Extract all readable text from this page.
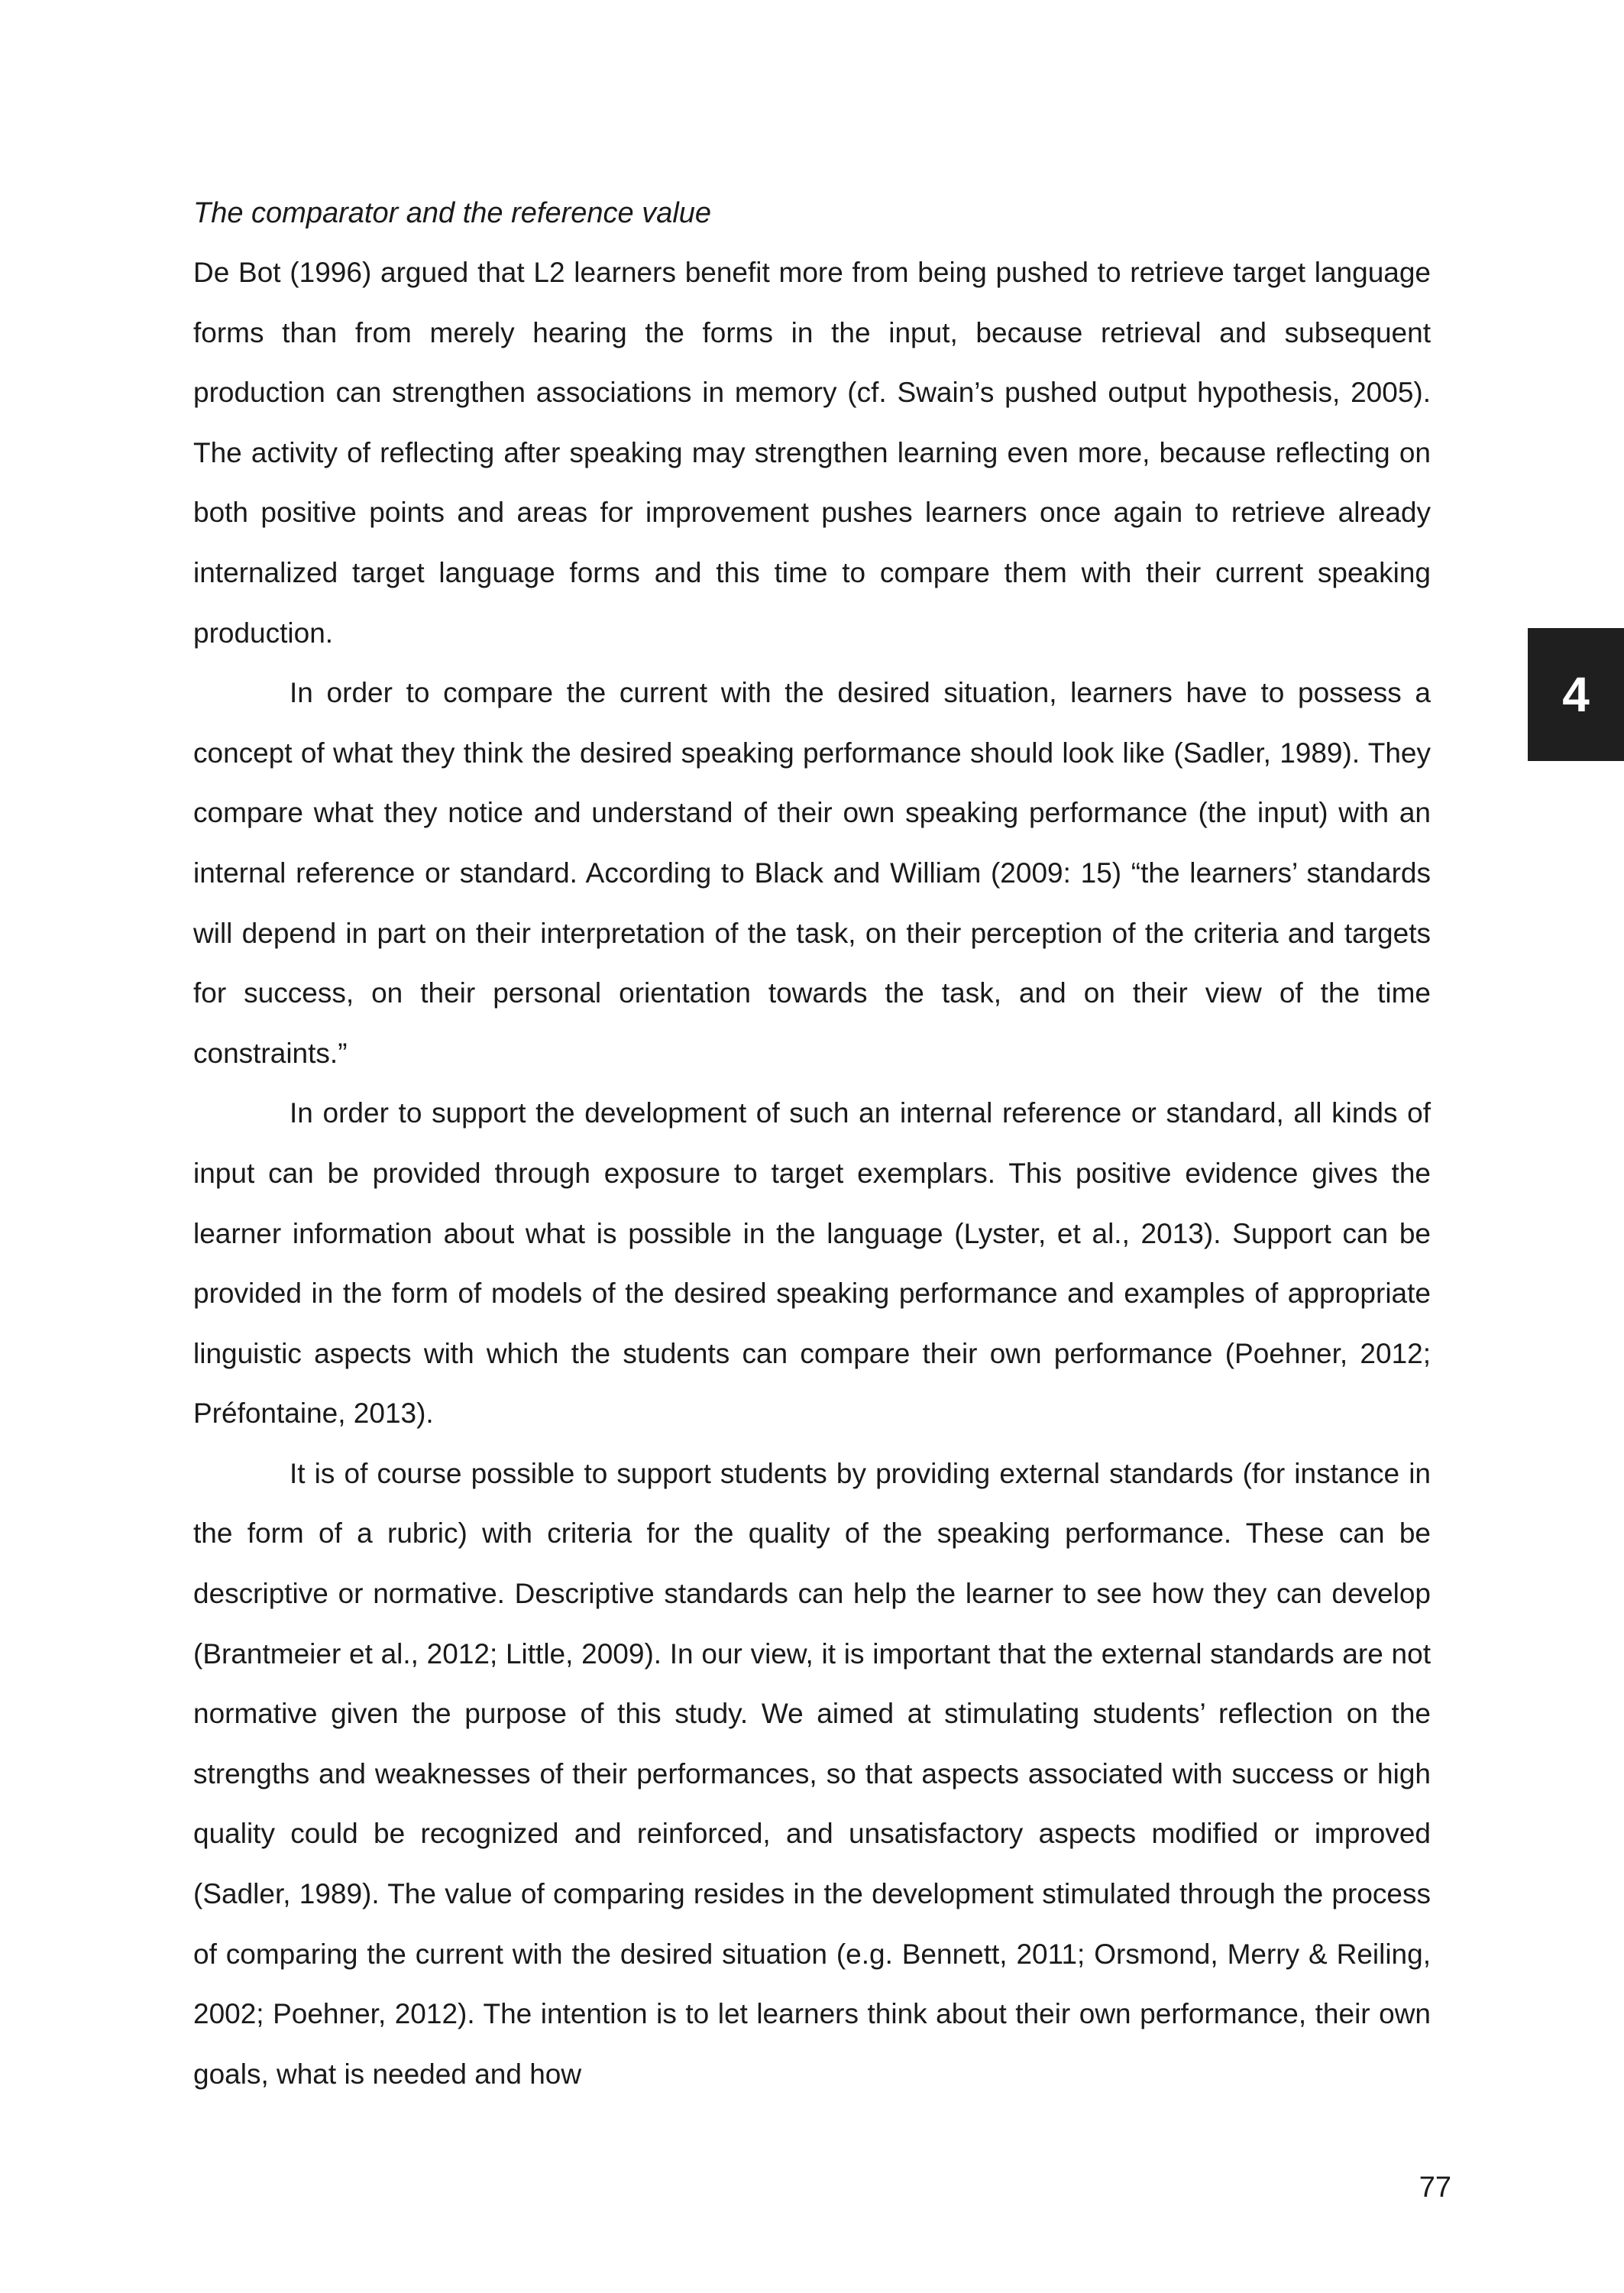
The comparator and the reference value

De Bot (1996) argued that L2 learners benefit more from being pushed to retrieve target language forms than from merely hearing the forms in the input, because retrieval and subsequent production can strengthen associations in memory (cf. Swain’s pushed output hypothesis, 2005). The activity of reflecting after speaking may strengthen learning even more, because reflecting on both positive points and areas for improvement pushes learners once again to retrieve already internalized target language forms and this time to compare them with their current speaking production.

In order to compare the current with the desired situation, learners have to possess a concept of what they think the desired speaking performance should look like (Sadler, 1989). They compare what they notice and understand of their own speaking performance (the input) with an internal reference or standard. According to Black and William (2009: 15) “the learners’ standards will depend in part on their interpretation of the task, on their perception of the criteria and targets for success, on their personal orientation towards the task, and on their view of the time constraints.”

In order to support the development of such an internal reference or standard, all kinds of input can be provided through exposure to target exemplars. This positive evidence gives the learner information about what is possible in the language (Lyster, et al., 2013). Support can be provided in the form of models of the desired speaking performance and examples of appropriate linguistic aspects with which the students can compare their own performance (Poehner, 2012; Préfontaine, 2013).

It is of course possible to support students by providing external standards (for instance in the form of a rubric) with criteria for the quality of the speaking performance. These can be descriptive or normative. Descriptive standards can help the learner to see how they can develop (Brantmeier et al., 2012; Little, 2009). In our view, it is important that the external standards are not normative given the purpose of this study. We aimed at stimulating students’ reflection on the strengths and weaknesses of their performances, so that aspects associated with success or high quality could be recognized and reinforced, and unsatisfactory aspects modified or improved (Sadler, 1989). The value of comparing resides in the development stimulated through the process of comparing the current with the desired situation (e.g. Bennett, 2011; Orsmond, Merry & Reiling, 2002; Poehner, 2012). The intention is to let learners think about their own performance, their own goals, what is needed and how

4
77
